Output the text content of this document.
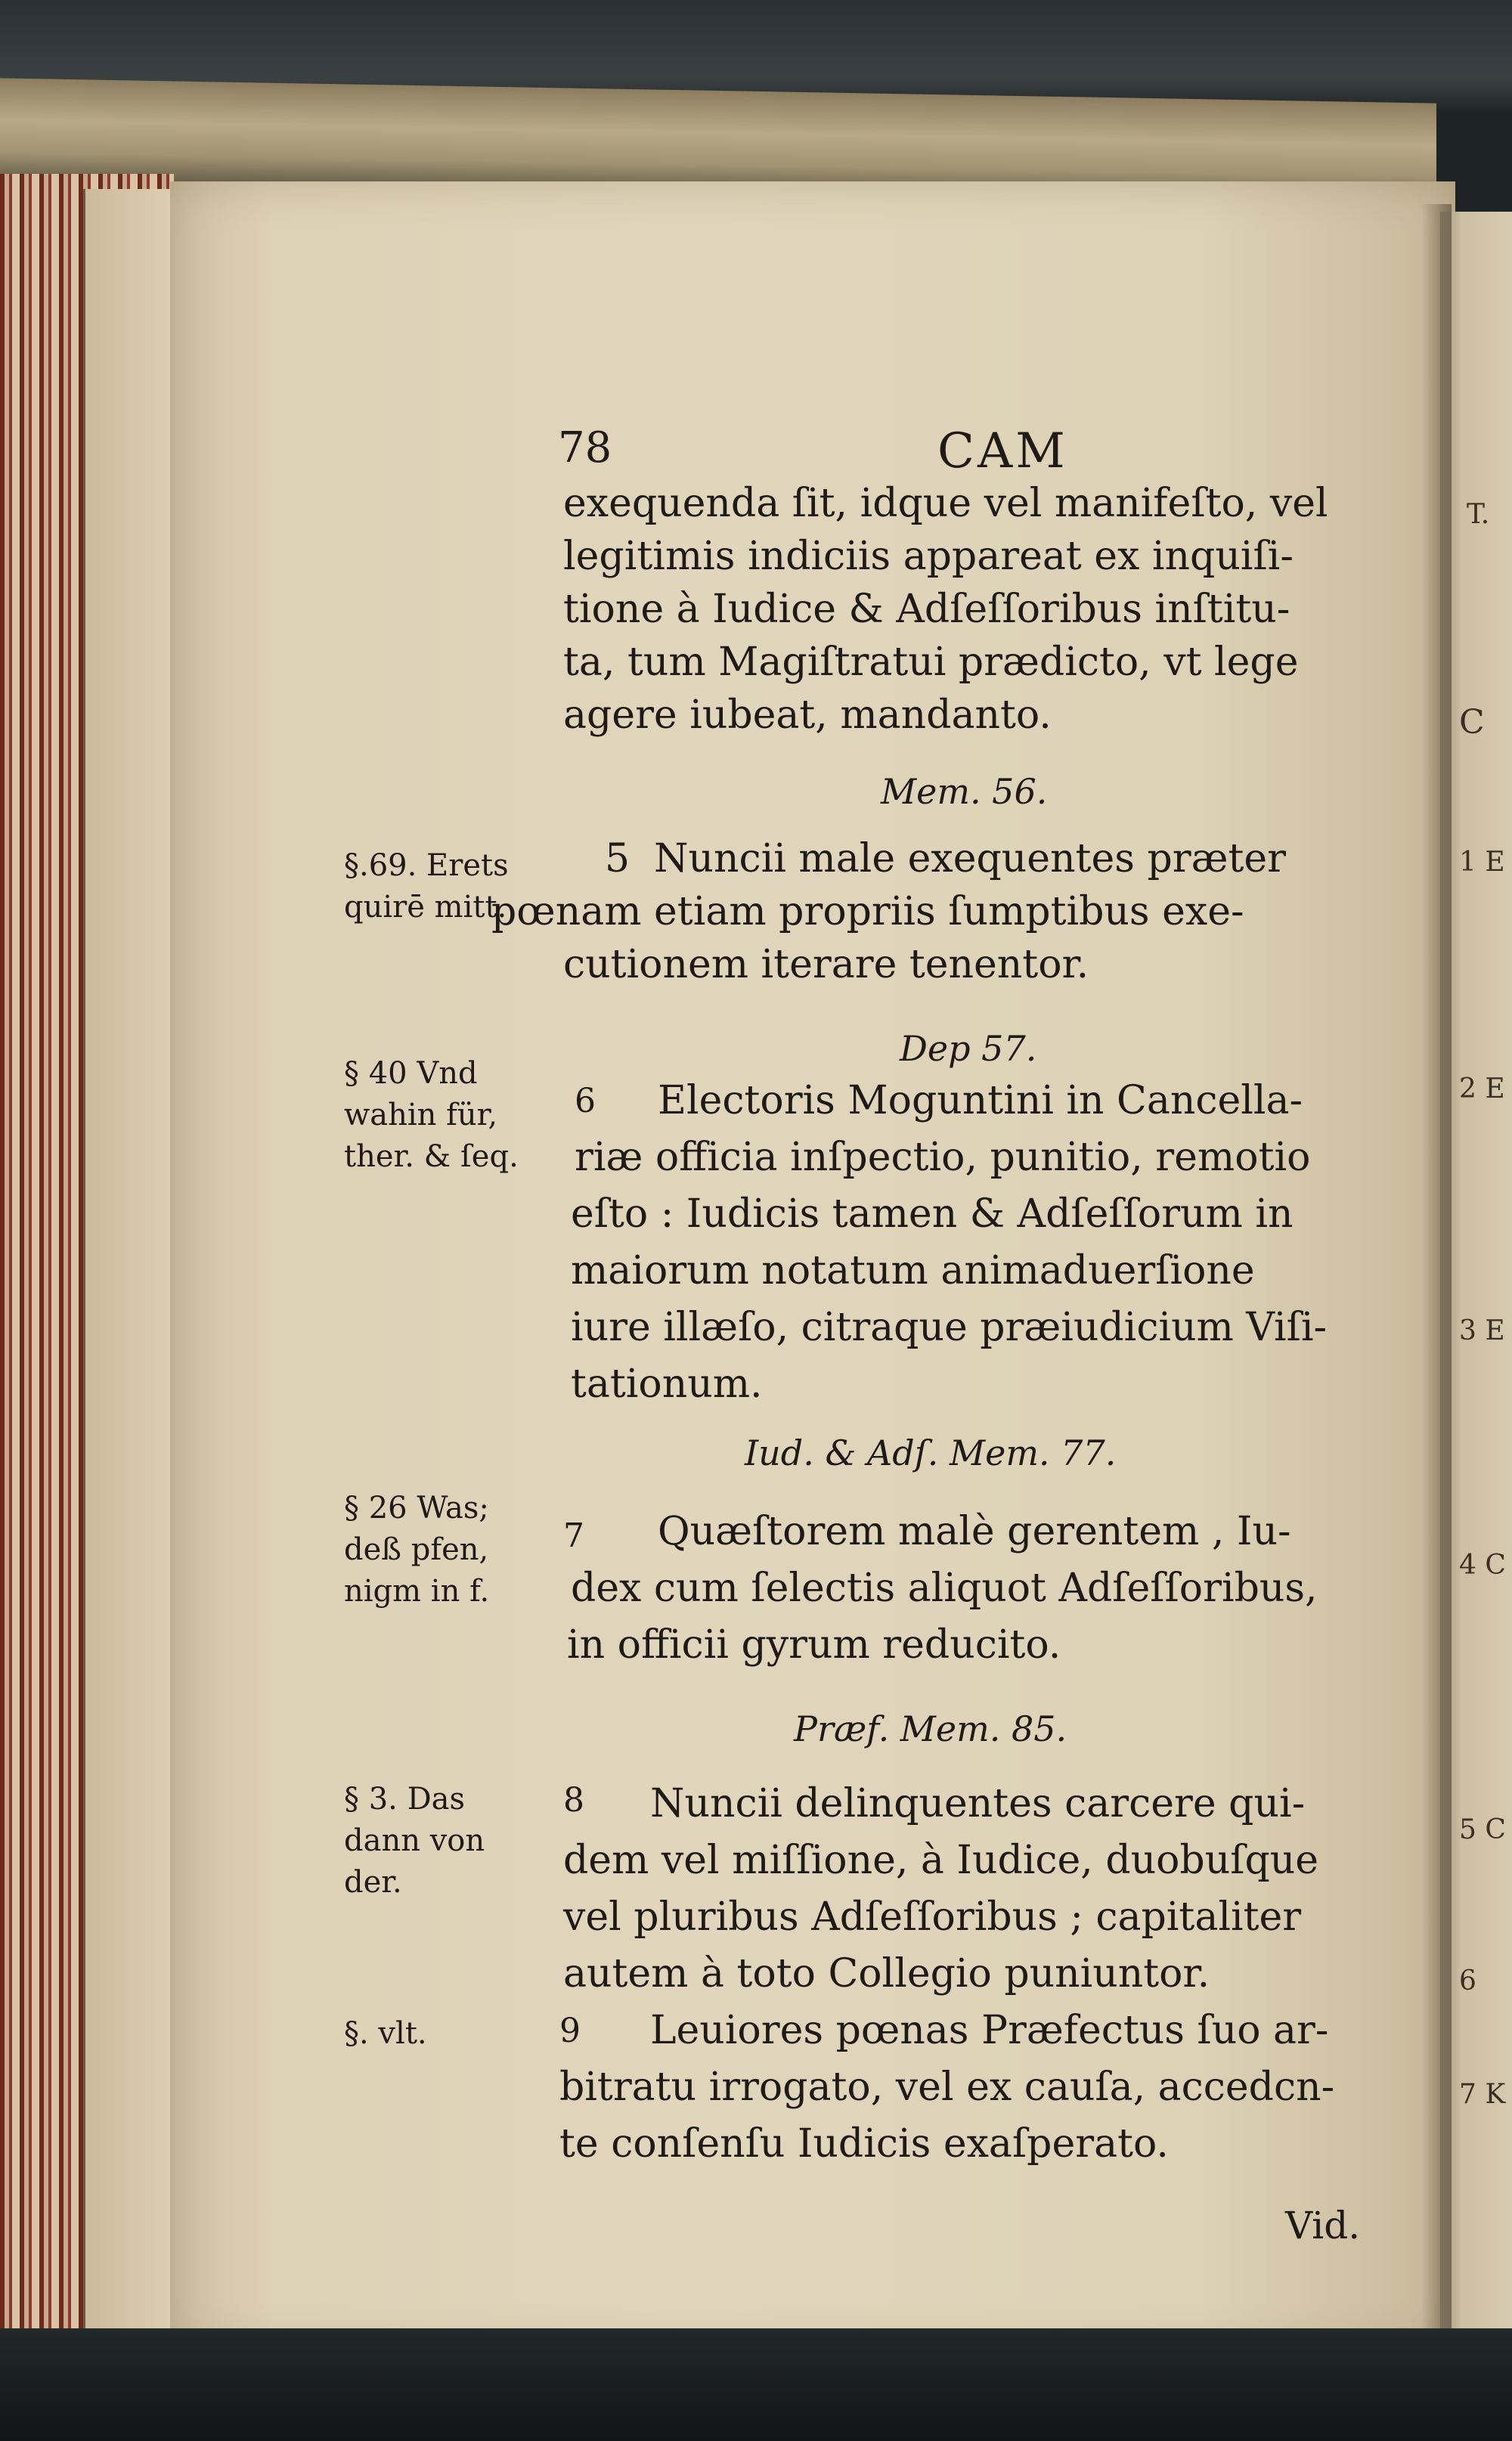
78	CAM
exequenda ſit, idque vel manifeſto, vel
legitimis indiciis appareat ex inquiſi-
tione à Iudice & Adſeſſoribus inſtitu-
ta, tum Magiſtratui prædicto, vt lege
agere iubeat, mandanto.
Mem. 56.
§.69. Erets
quirē mitt.
5 Nuncii male exequentes præter
pœnam etiam propriis ſumptibus exe-
cutionem iterare tenentor.
Dep 57.
§ 40 Vnd
wahin für,
ther. & ſeq.
6 Electoris Moguntini in Cancella-
riæ officia inſpectio, punitio, remotio
eſto : Iudicis tamen & Adſeſſorum in
maiorum notatum animaduerſione
iure illæſo, citraque præiudicium Viſi-
tationum.
Iud. & Adſ. Mem. 77.
§ 26 Was;
deß pfen,
nigm in f.
7 Quæſtorem malè gerentem , Iu-
dex cum ſelectis aliquot Adſeſſoribus,
in officii gyrum reducito.
Præf. Mem. 85.
§ 3. Das
dann von
der.
8 Nuncii delinquentes carcere qui-
dem vel miſſione, à Iudice, duobuſque
vel pluribus Adſeſſoribus ; capitaliter
autem à toto Collegio puniuntor.
§. vlt.	9 Leuiores pœnas Præfectus ſuo ar-
bitratu irrogato, vel ex cauſa, accedcn-
te conſenſu Iudicis exaſperato.
Vid.
T.
C
1 E
2 E
3 E
4 C
5 C
6
7 K
